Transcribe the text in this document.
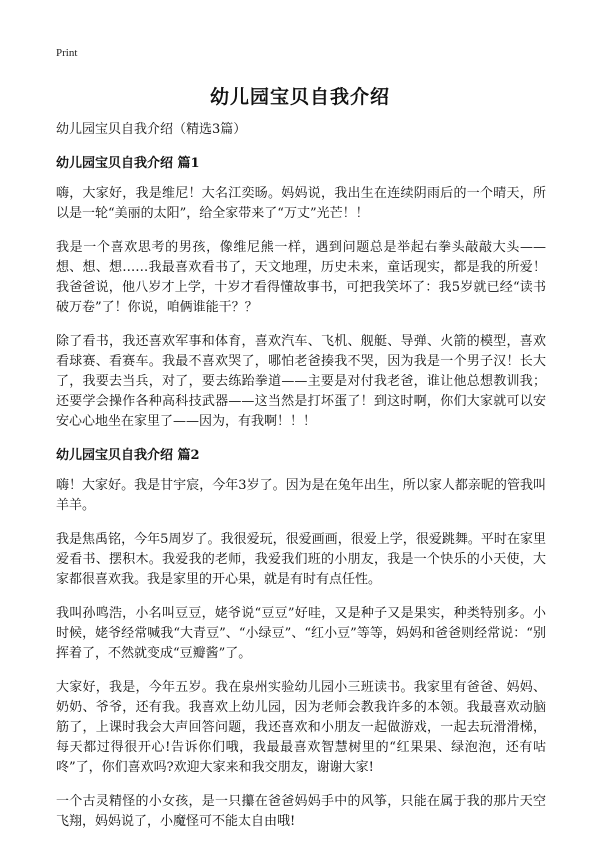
Print
幼儿园宝贝自我介绍

幼儿园宝贝自我介绍（精选3篇）

幼儿园宝贝自我介绍 篇1

嗨，大家好，我是维尼！大名江奕旸。妈妈说，我出生在连续阴雨后的一个晴天，所以是一轮“美丽的太阳”，给全家带来了“万丈”光芒！！

我是一个喜欢思考的男孩，像维尼熊一样，遇到问题总是举起右拳头敲敲大头——想、想、想……我最喜欢看书了，天文地理，历史未来，童话现实，都是我的所爱！我爸爸说，他八岁才上学，十岁才看得懂故事书，可把我笑坏了：我5岁就已经“读书破万卷”了！你说，咱俩谁能干？？

除了看书，我还喜欢军事和体育，喜欢汽车、飞机、舰艇、导弹、火箭的模型，喜欢看球赛、看赛车。我最不喜欢哭了，哪怕老爸揍我不哭，因为我是一个男子汉！长大了，我要去当兵，对了，要去练跆拳道——主要是对付我老爸，谁让他总想教训我；还要学会操作各种高科技武器——这当然是打坏蛋了！到这时啊，你们大家就可以安安心心地坐在家里了——因为，有我啊！！！

幼儿园宝贝自我介绍 篇2

嗨！大家好。我是甘宇宸，今年3岁了。因为是在兔年出生，所以家人都亲昵的管我叫羊羊。

我是焦禹铭，今年5周岁了。我很爱玩，很爱画画，很爱上学，很爱跳舞。平时在家里爱看书、摆积木。我爱我的老师，我爱我们班的小朋友，我是一个快乐的小天使，大家都很喜欢我。我是家里的开心果，就是有时有点任性。

我叫孙鸣浩，小名叫豆豆，姥爷说“豆豆”好哇，又是种子又是果实，种类特别多。小时候，姥爷经常喊我“大青豆”、“小绿豆”、“红小豆”等等，妈妈和爸爸则经常说：“别挥着了，不然就变成“豆瓣酱”了。

大家好，我是，今年五岁。我在泉州实验幼儿园小三班读书。我家里有爸爸、妈妈、奶奶、爷爷，还有我。我喜欢上幼儿园，因为老师会教我许多的本领。我最喜欢动脑筋了，上课时我会大声回答问题，我还喜欢和小朋友一起做游戏，一起去玩滑滑梯，每天都过得很开心!告诉你们哦，我最最喜欢智慧树里的“红果果、绿泡泡，还有咕咚”了，你们喜欢吗?欢迎大家来和我交朋友，谢谢大家!

一个古灵精怪的小女孩，是一只攥在爸爸妈妈手中的风筝，只能在属于我的那片天空飞翔，妈妈说了，小魔怪可不能太自由哦!
